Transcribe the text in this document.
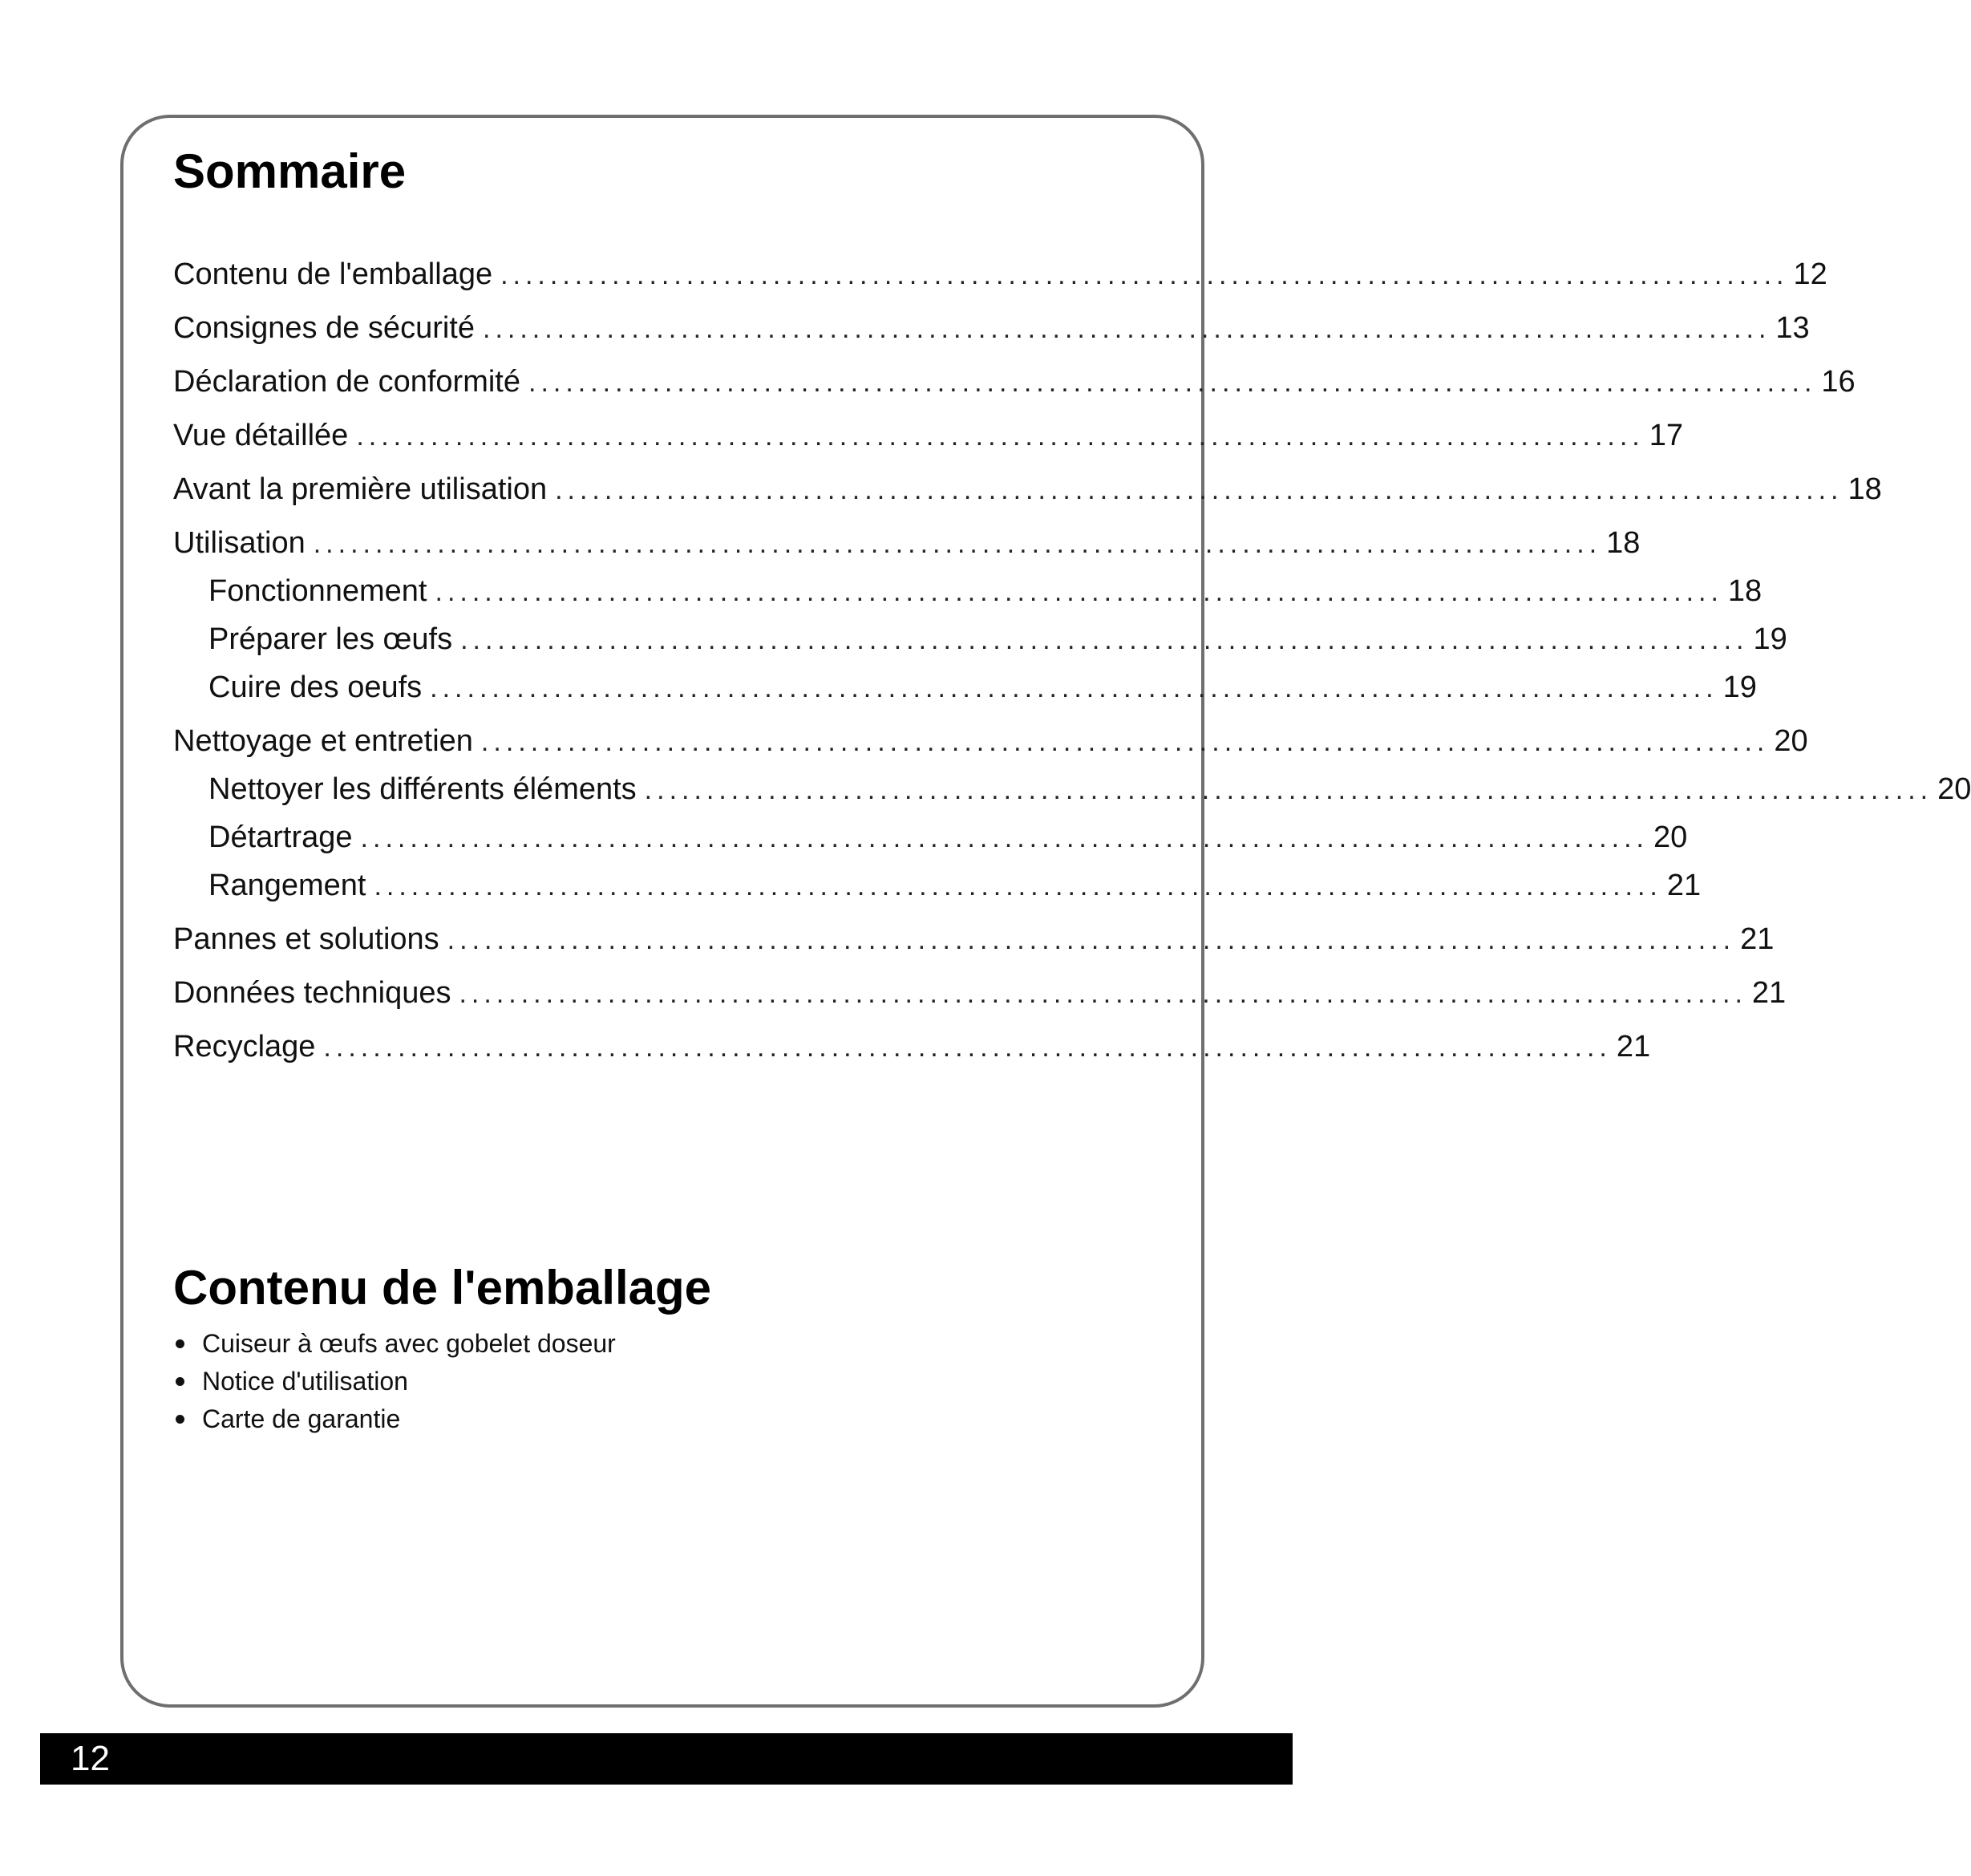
Sommaire
Contenu de l'emballage ........................................................................................................ 12
Consignes de sécurité ........................................................................................................ 13
Déclaration de conformité ........................................................................................................ 16
Vue détaillée ........................................................................................................ 17
Avant la première utilisation ........................................................................................................ 18
Utilisation ........................................................................................................ 18
Fonctionnement ........................................................................................................ 18
Préparer les œufs ........................................................................................................ 19
Cuire des oeufs ........................................................................................................ 19
Nettoyage et entretien ........................................................................................................ 20
Nettoyer les différents éléments ........................................................................................................ 20
Détartrage ........................................................................................................ 20
Rangement ........................................................................................................ 21
Pannes et solutions ........................................................................................................ 21
Données techniques ........................................................................................................ 21
Recyclage ........................................................................................................ 21
Contenu de l'emballage
Cuiseur à œufs avec gobelet doseur
Notice d'utilisation
Carte de garantie
12
